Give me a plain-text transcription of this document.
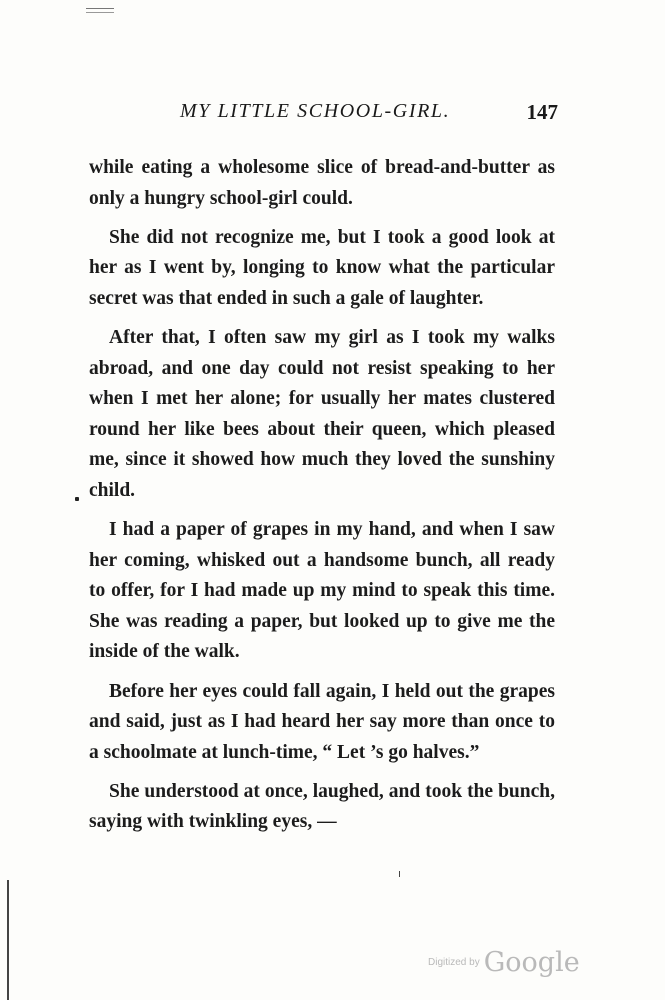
MY LITTLE SCHOOL-GIRL.	147

while eating a wholesome slice of bread-and-butter as only a hungry school-girl could.

She did not recognize me, but I took a good look at her as I went by, longing to know what the particular secret was that ended in such a gale of laughter.

After that, I often saw my girl as I took my walks abroad, and one day could not resist speaking to her when I met her alone; for usually her mates clustered round her like bees about their queen, which pleased me, since it showed how much they loved the sunshiny child.

I had a paper of grapes in my hand, and when I saw her coming, whisked out a handsome bunch, all ready to offer, for I had made up my mind to speak this time. She was reading a paper, but looked up to give me the inside of the walk.

Before her eyes could fall again, I held out the grapes and said, just as I had heard her say more than once to a schoolmate at lunch-time, “ Let ’s go halves.”

She understood at once, laughed, and took the bunch, saying with twinkling eyes, —

Digitized by Google
